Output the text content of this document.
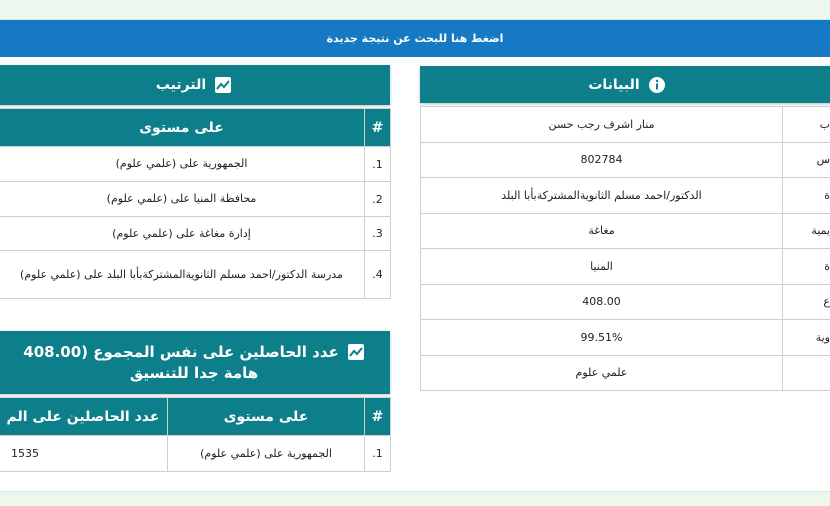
اضغط هنا للبحث عن نتيجة جديدة
البيانات
ب	منار اشرف رجب حسن
س	802784
ة	الدكتور/احمد مسلم الثانويةالمشتركةبأبا البلد
يمية	مغاغة
ة	المنيا
ع	408.00
وية	99.51%
	علمي علوم
الترتيب
#	على مستوى
1.	الجمهورية على (علمي علوم)
2.	محافظة المنيا على (علمي علوم)
3.	إدارة مغاغة على (علمي علوم)
4.	مدرسة الدكتور/احمد مسلم الثانويةالمشتركةبأبا البلد على (علمي علوم)
عدد الحاصلين على نفس المجموع (408.00
هامة جدا للتنسيق
#	على مستوى	عدد الحاصلين على الم
1.	الجمهورية على (علمي علوم)	1535
